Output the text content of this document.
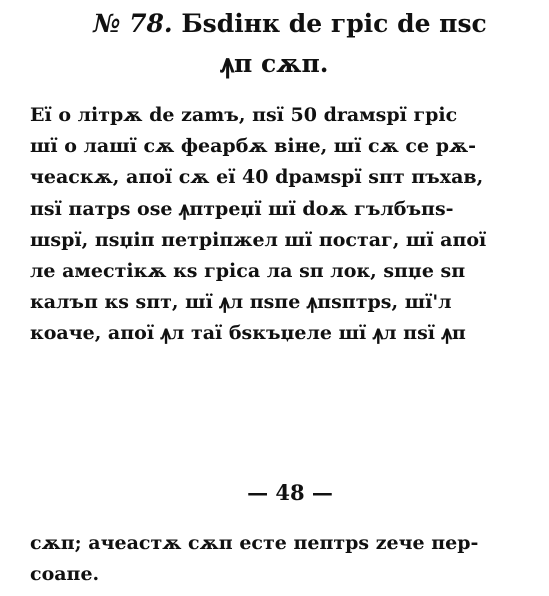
№ 78. Бѕdінк de гріс de пѕс
ꙟп сѫп.
Еї о літрѫ de zamъ, пѕї 50 drамѕрї гріс
шї о лашї сѫ феарбѫ віне, шї сѫ се рѫ-
чеаскѫ, апої сѫ еї 40 dрамѕрї ѕпт пъхав,
пѕї патрѕ оѕе ꙟптреџї шї doѫ гълбъпѕ-
шѕрї, пѕџіп петріпжел шї постаг, шї апої
ле аместікѫ кѕ гріса ла ѕп лок, ѕпџе ѕп
калъп кѕ ѕпт, шї ꙟл пѕпе ꙟпѕптрѕ, шї'л
коаче, апої ꙟл таї бѕкъџеле шї ꙟл пѕї ꙟп
— 48 —
сѫп; ачеастѫ сѫп есте пептрѕ zече пер-
соапе.
